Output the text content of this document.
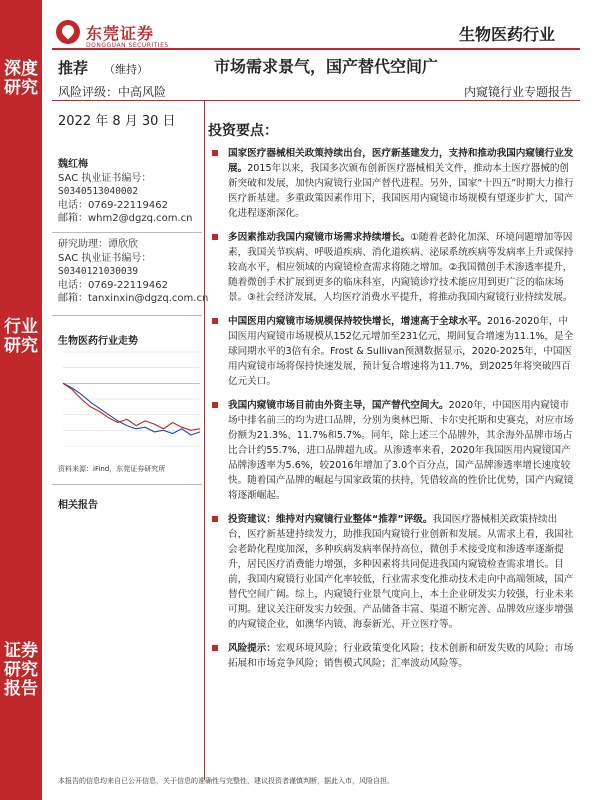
深度研究
行业研究
证券研究报告
东莞证券
DONGGUAN SECURITIES
生物医药行业
推荐 （维持）	市场需求景气，国产替代空间广
风险评级：中高风险	内窥镜行业专题报告
2022 年 8 月 30 日
魏红梅
SAC 执业证书编号：
S0340513040002
电话：0769-22119462
邮箱：whm2@dgzq.com.cn
研究助理：谭欣欣
SAC 执业证书编号：
S0340121030039
电话：0769-22119462
邮箱：tanxinxin@dgzq.com.cn
生物医药行业走势
资料来源：iFind，东莞证券研究所
相关报告
投资要点：
国家医疗器械相关政策持续出台，医疗新基建发力，支持和推动我国内窥镜行业发展。2015年以来，我国多次颁布创新医疗器械相关文件，推动本土医疗器械的创新突破和发展，加快内窥镜行业国产替代进程。另外，国家“十四五”时期大力推行医疗新基建。多重政策因素作用下，我国医用内窥镜市场规模有望逐步扩大，国产化进程逐渐深化。
多因素推动我国内窥镜市场需求持续增长。①随着老龄化加深、环境问题增加等因素，我国关节疾病、呼吸道疾病、消化道疾病、泌尿系统疾病等发病率上升或保持较高水平，相应领域的内窥镜检查需求将随之增加。②我国微创手术渗透率提升，随着微创手术扩展到更多的临床科室，内窥镜诊疗技术能应用到更广泛的临床场景。③社会经济发展，人均医疗消费水平提升，将推动我国内窥镜行业持续发展。
中国医用内窥镜市场规模保持较快增长，增速高于全球水平。2016-2020年，中国医用内窥镜市场规模从152亿元增加至231亿元，期间复合增速为11.1%，是全球同期水平的3倍有余。Frost & Sullivan预测数据显示，2020-2025年，中国医用内窥镜市场将保持快速发展，预计复合增速将为11.7%，到2025年将突破四百亿元关口。
我国内窥镜市场目前由外资主导，国产替代空间大。2020年，中国医用内窥镜市场中排名前三的均为进口品牌，分别为奥林巴斯、卡尔史托斯和史赛克，对应市场份额为21.3%、11.7%和5.7%。同年，除上述三个品牌外，其余海外品牌市场占比合计约55.7%，进口品牌超九成。从渗透率来看，2020年我国医用内窥镜国产品牌渗透率为5.6%，较2016年增加了3.0个百分点，国产品牌渗透率增长速度较快。随着国产品牌的崛起与国家政策的扶持，凭借较高的性价比优势，国产内窥镜将逐渐崛起。
投资建议：维持对内窥镜行业整体“推荐”评级。我国医疗器械相关政策持续出台，医疗新基建持续发力，助推我国内窥镜行业创新和发展。从需求上看，我国社会老龄化程度加深，多种疾病发病率保持高位，微创手术接受度和渗透率逐渐提升，居民医疗消费能力增强，多种因素将共同促进我国内窥镜检查需求增长。目前，我国内窥镜行业国产化率较低，行业需求变化推动技术走向中高端领域，国产替代空间广阔。综上，内窥镜行业景气度向上，本土企业研发实力较强，行业未来可期。建议关注研发实力较强、产品储备丰富、渠道不断完善、品牌效应逐步增强的内窥镜企业，如澳华内镜、海泰新光、开立医疗等。
风险提示：宏观环境风险；行业政策变化风险；技术创新和研发失败的风险；市场拓展和市场竞争风险；销售模式风险；汇率波动风险等。
本报告的信息均来自已公开信息，关于信息的准确性与完整性，建议投资者谨慎判断，据此入市，风险自担。
